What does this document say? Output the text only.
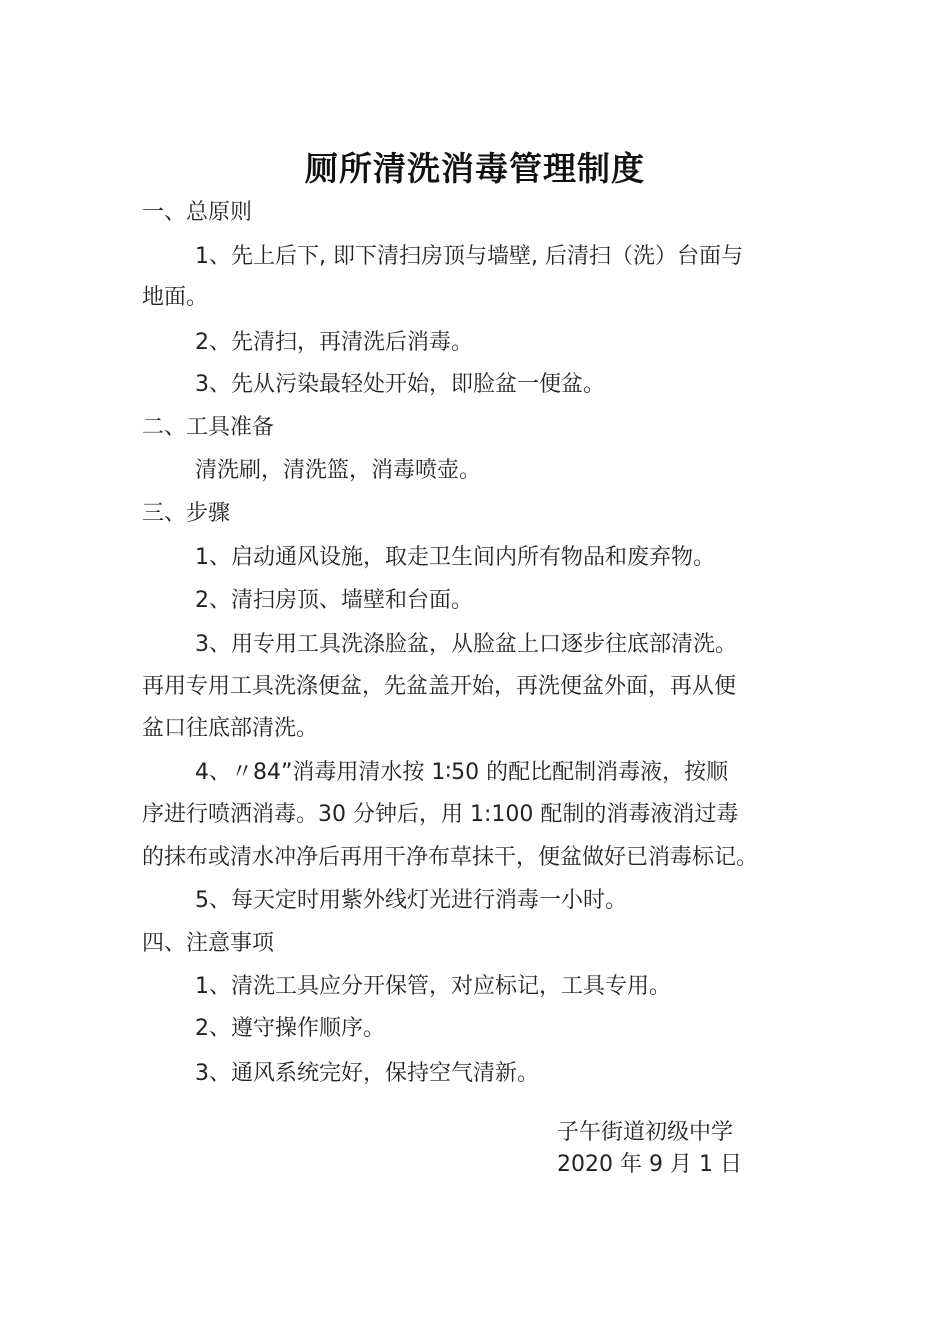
厕所清洗消毒管理制度
一、总原则
1、先上后下, 即下清扫房顶与墙壁, 后清扫（洗）台面与
地面。
2、先清扫，再清洗后消毒。
3、先从污染最轻处开始，即脸盆一便盆。
二、工具准备
清洗刷，清洗篮，消毒喷壶。
三、步骤
1、启动通风设施，取走卫生间内所有物品和废弃物。
2、清扫房顶、墙壁和台面。
3、用专用工具洗涤脸盆，从脸盆上口逐步往底部清洗。
再用专用工具洗涤便盆，先盆盖开始，再洗便盆外面，再从便
盆口往底部清洗。
4、〃84”消毒用清水按 1∶50 的配比配制消毒液，按顺
序进行喷洒消毒。30 分钟后，用 1:100 配制的消毒液消过毒
的抹布或清水冲净后再用干净布草抹干，便盆做好已消毒标记。
5、每天定时用紫外线灯光进行消毒一小时。
四、注意事项
1、清洗工具应分开保管，对应标记，工具专用。
2、遵守操作顺序。
3、通风系统完好，保持空气清新。
子午街道初级中学
2020 年 9 月 1 日
